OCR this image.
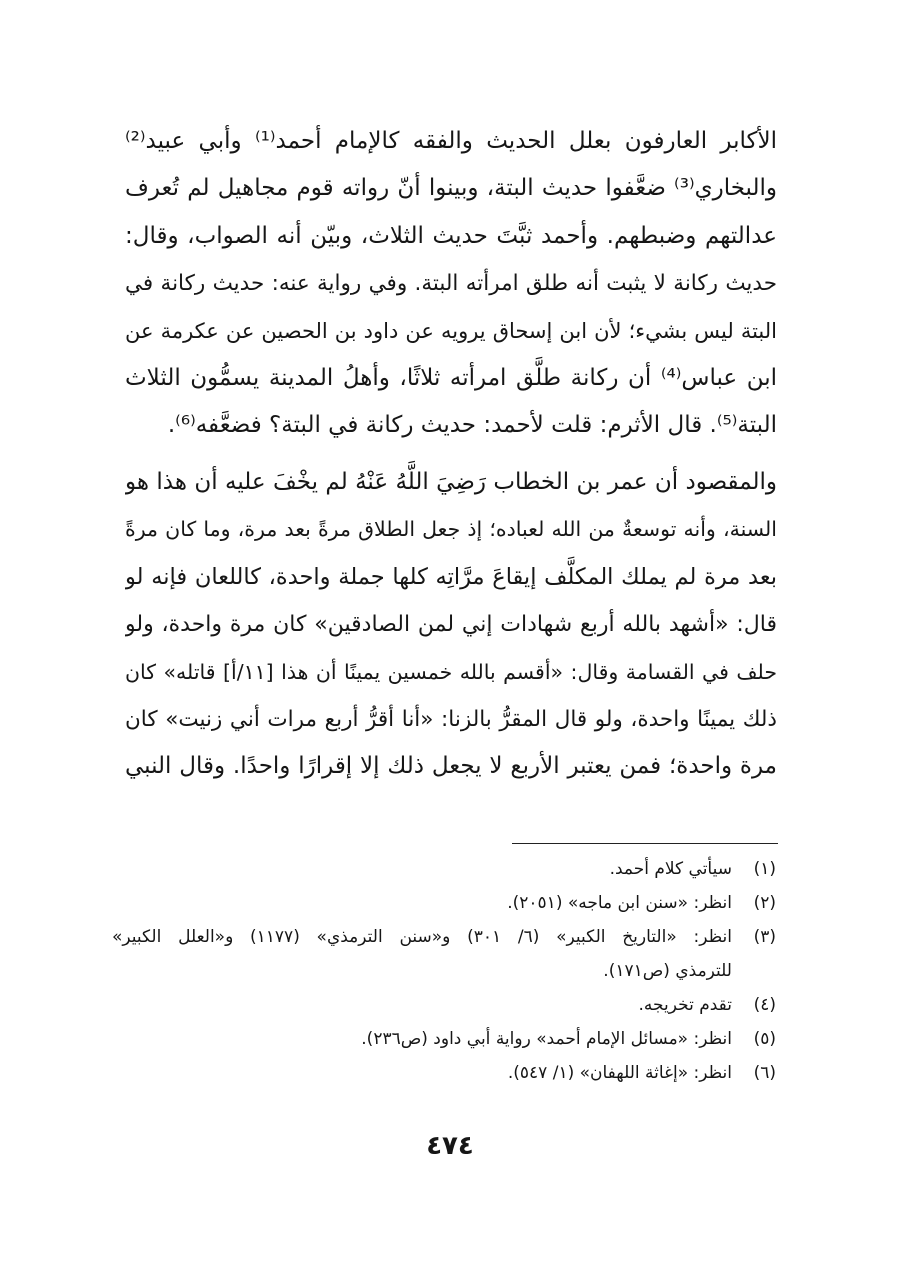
الأكابر العارفون بعلل الحديث والفقه كالإمام أحمد⁽¹⁾ وأبي عبيد⁽²⁾
والبخاري⁽³⁾ ضعَّفوا حديث البتة، وبينوا أنّ رواته قوم مجاهيل لم تُعرف
عدالتهم وضبطهم. وأحمد ثبَّتَ حديث الثلاث، وبيّن أنه الصواب، وقال:
حديث ركانة لا يثبت أنه طلق امرأته البتة. وفي رواية عنه: حديث ركانة في
البتة ليس بشيء؛ لأن ابن إسحاق يرويه عن داود بن الحصين عن عكرمة عن
ابن عباس⁽⁴⁾ أن ركانة طلَّق امرأته ثلاثًا، وأهلُ المدينة يسمُّون الثلاث
البتة⁽⁵⁾. قال الأثرم: قلت لأحمد: حديث ركانة في البتة؟ فضعَّفه⁽⁶⁾.
والمقصود أن عمر بن الخطاب رَضِيَ اللَّهُ عَنْهُ لم يخْفَ عليه أن هذا هو
السنة، وأنه توسعةٌ من الله لعباده؛ إذ جعل الطلاق مرةً بعد مرة، وما كان مرةً
بعد مرة لم يملك المكلَّف إيقاعَ مرَّاتِه كلها جملة واحدة، كاللعان فإنه لو
قال: «أشهد بالله أربع شهادات إني لمن الصادقين» كان مرة واحدة، ولو
حلف في القسامة وقال: «أقسم بالله خمسين يمينًا أن هذا [١١/أ] قاتله» كان
ذلك يمينًا واحدة، ولو قال المقرُّ بالزنا: «أنا أقرُّ أربع مرات أني زنيت» كان
مرة واحدة؛ فمن يعتبر الأربع لا يجعل ذلك إلا إقرارًا واحدًا. وقال النبي
(١)
سيأتي كلام أحمد.
(٢)
انظر: «سنن ابن ماجه» (٢٠٥١).
(٣)
انظر: «التاريخ الكبير» (٦/ ٣٠١) و«سنن الترمذي» (١١٧٧) و«العلل الكبير»
للترمذي (ص١٧١).
(٤)
تقدم تخريجه.
(٥)
انظر: «مسائل الإمام أحمد» رواية أبي داود (ص٢٣٦).
(٦)
انظر: «إغاثة اللهفان» (١/ ٥٤٧).
٤٧٤
